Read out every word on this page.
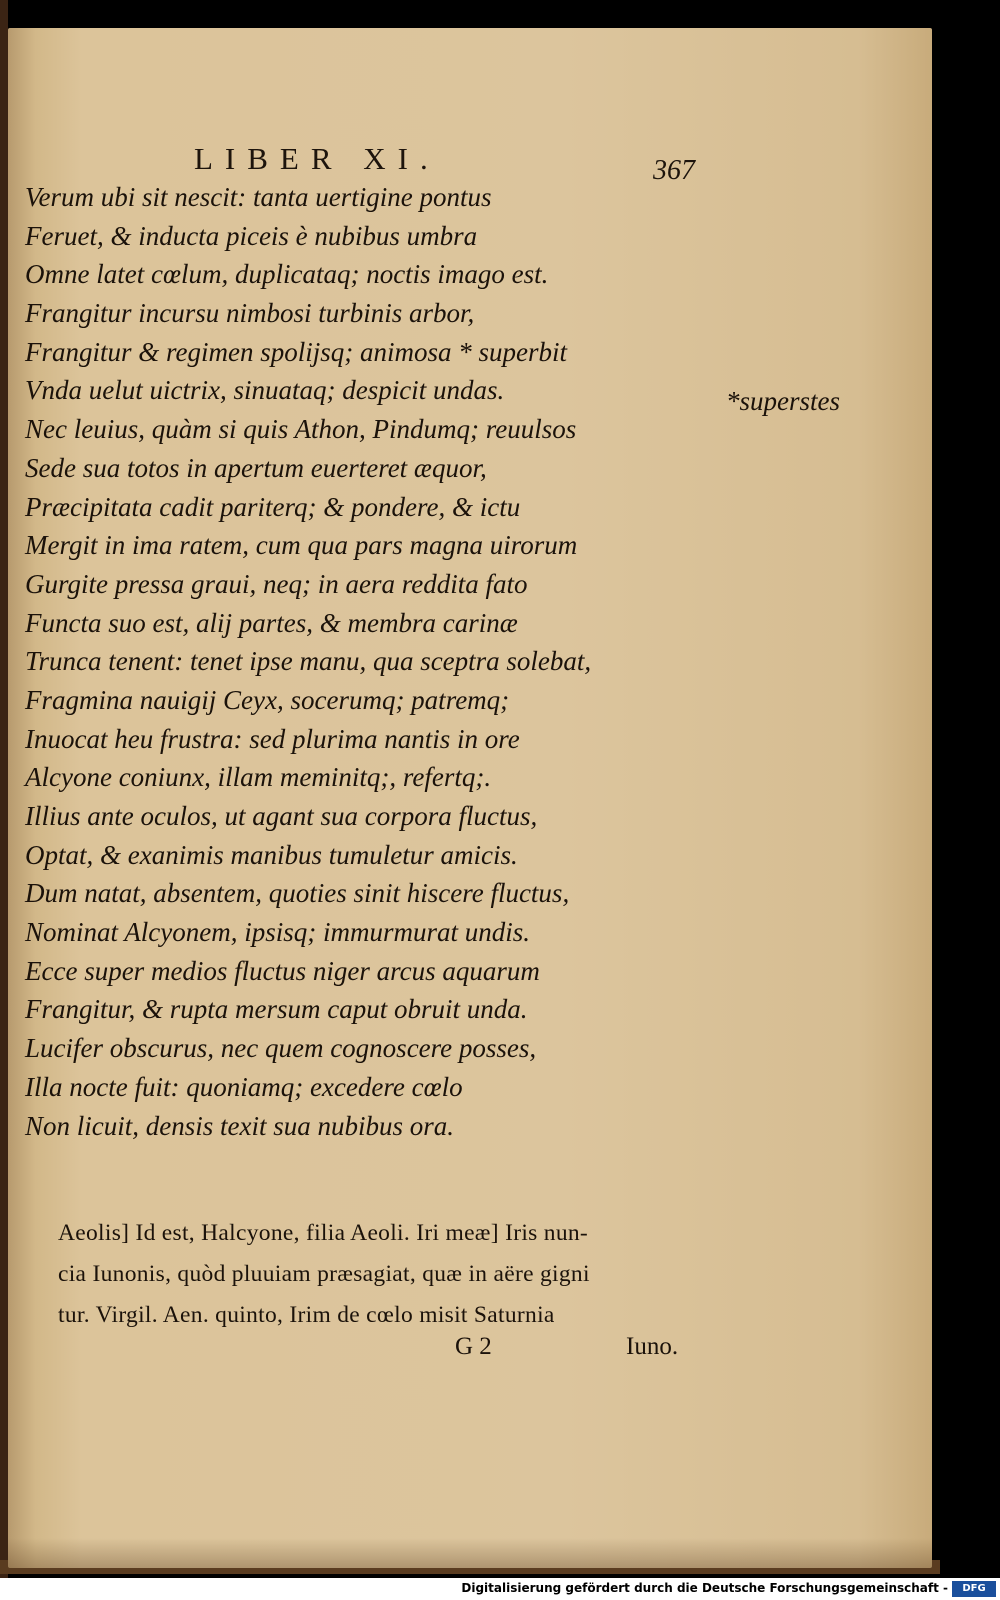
LIBER XI.	367
Verum ubi sit nescit: tanta uertigine pontus
Feruet, & inducta piceis è nubibus umbra
Omne latet cœlum, duplicataq; noctis imago est.
Frangitur incursu nimbosi turbinis arbor,
Frangitur & regimen spolijsq; animosa * superbit
Vnda uelut uictrix, sinuataq; despicit undas.
Nec leuius, quàm si quis Athon, Pindumq; reuulsos
Sede sua totos in apertum euerteret æquor,
Præcipitata cadit pariterq; & pondere, & ictu
Mergit in ima ratem, cum qua pars magna uirorum
Gurgite pressa graui, neq; in aera reddita fato
Functa suo est, alij partes, & membra carinæ
Trunca tenent: tenet ipse manu, qua sceptra solebat,
Fragmina nauigij Ceyx, socerumq; patremq;
Inuocat heu frustra: sed plurima nantis in ore
Alcyone coniunx, illam meminitq;, refertq;.
Illius ante oculos, ut agant sua corpora fluctus,
Optat, & exanimis manibus tumuletur amicis.
Dum natat, absentem, quoties sinit hiscere fluctus,
Nominat Alcyonem, ipsisq; immurmurat undis.
Ecce super medios fluctus niger arcus aquarum
Frangitur, & rupta mersum caput obruit unda.
Lucifer obscurus, nec quem cognoscere posses,
Illa nocte fuit: quoniamq; excedere cœlo
Non licuit, densis texit sua nubibus ora.
*superstes
Aeolis] Id est, Halcyone, filia Aeoli. Iri meæ] Iris nun-
cia Iunonis, quòd pluuiam præsagiat, quæ in aëre gigni
tur. Virgil. Aen. quinto, Irim de cœlo misit Saturnia
G 2	Iuno.
Digitalisierung gefördert durch die Deutsche Forschungsgemeinschaft -	DFG
